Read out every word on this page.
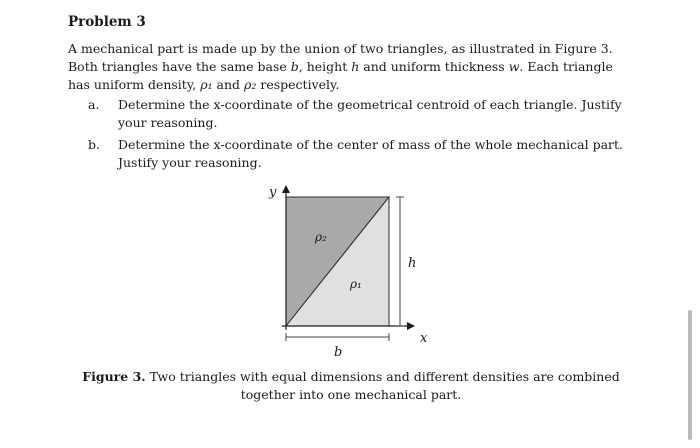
Problem 3

A mechanical part is made up by the union of two triangles, as illustrated in Figure 3. Both triangles have the same base b, height h and uniform thickness w. Each triangle has uniform density, ρ₁ and ρ₂ respectively.

a.	Determine the x-coordinate of the geometrical centroid of each triangle. Justify your reasoning.
b.	Determine the x-coordinate of the center of mass of the whole mechanical part. Justify your reasoning.
y
x
ρ₂
ρ₁
h
b
Figure 3. Two triangles with equal dimensions and different densities are combined together into one mechanical part.
